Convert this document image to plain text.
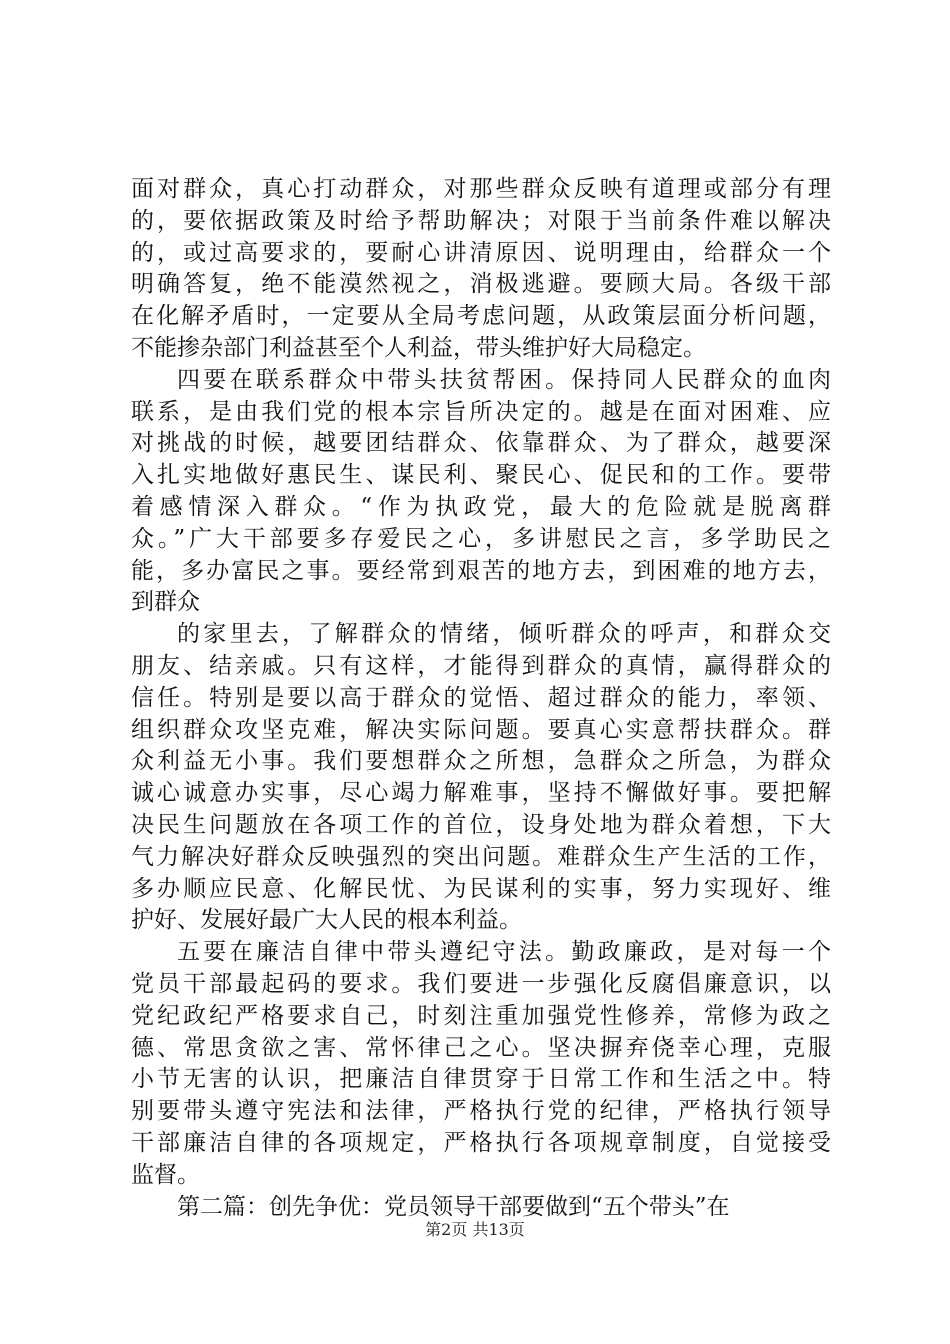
面对群众，真心打动群众，对那些群众反映有道理或部分有理
的，要依据政策及时给予帮助解决；对限于当前条件难以解决
的，或过高要求的，要耐心讲清原因、说明理由，给群众一个
明确答复，绝不能漠然视之，消极逃避。要顾大局。各级干部
在化解矛盾时，一定要从全局考虑问题，从政策层面分析问题，
不能掺杂部门利益甚至个人利益，带头维护好大局稳定。
四要在联系群众中带头扶贫帮困。保持同人民群众的血肉
联系，是由我们党的根本宗旨所决定的。越是在面对困难、应
对挑战的时候，越要团结群众、依靠群众、为了群众，越要深
入扎实地做好惠民生、谋民利、聚民心、促民和的工作。要带
着感情深入群众。“作为执政党，最大的危险就是脱离群
众。”广大干部要多存爱民之心，多讲慰民之言，多学助民之
能，多办富民之事。要经常到艰苦的地方去，到困难的地方去，
到群众
的家里去，了解群众的情绪，倾听群众的呼声，和群众交
朋友、结亲戚。只有这样，才能得到群众的真情，赢得群众的
信任。特别是要以高于群众的觉悟、超过群众的能力，率领、
组织群众攻坚克难，解决实际问题。要真心实意帮扶群众。群
众利益无小事。我们要想群众之所想，急群众之所急，为群众
诚心诚意办实事，尽心竭力解难事，坚持不懈做好事。要把解
决民生问题放在各项工作的首位，设身处地为群众着想，下大
气力解决好群众反映强烈的突出问题。难群众生产生活的工作，
多办顺应民意、化解民忧、为民谋利的实事，努力实现好、维
护好、发展好最广大人民的根本利益。
五要在廉洁自律中带头遵纪守法。勤政廉政，是对每一个
党员干部最起码的要求。我们要进一步强化反腐倡廉意识，以
党纪政纪严格要求自己，时刻注重加强党性修养，常修为政之
德、常思贪欲之害、常怀律己之心。坚决摒弃侥幸心理，克服
小节无害的认识，把廉洁自律贯穿于日常工作和生活之中。特
别要带头遵守宪法和法律，严格执行党的纪律，严格执行领导
干部廉洁自律的各项规定，严格执行各项规章制度，自觉接受
监督。
第二篇：创先争优：党员领导干部要做到“五个带头”在
第2页 共13页
